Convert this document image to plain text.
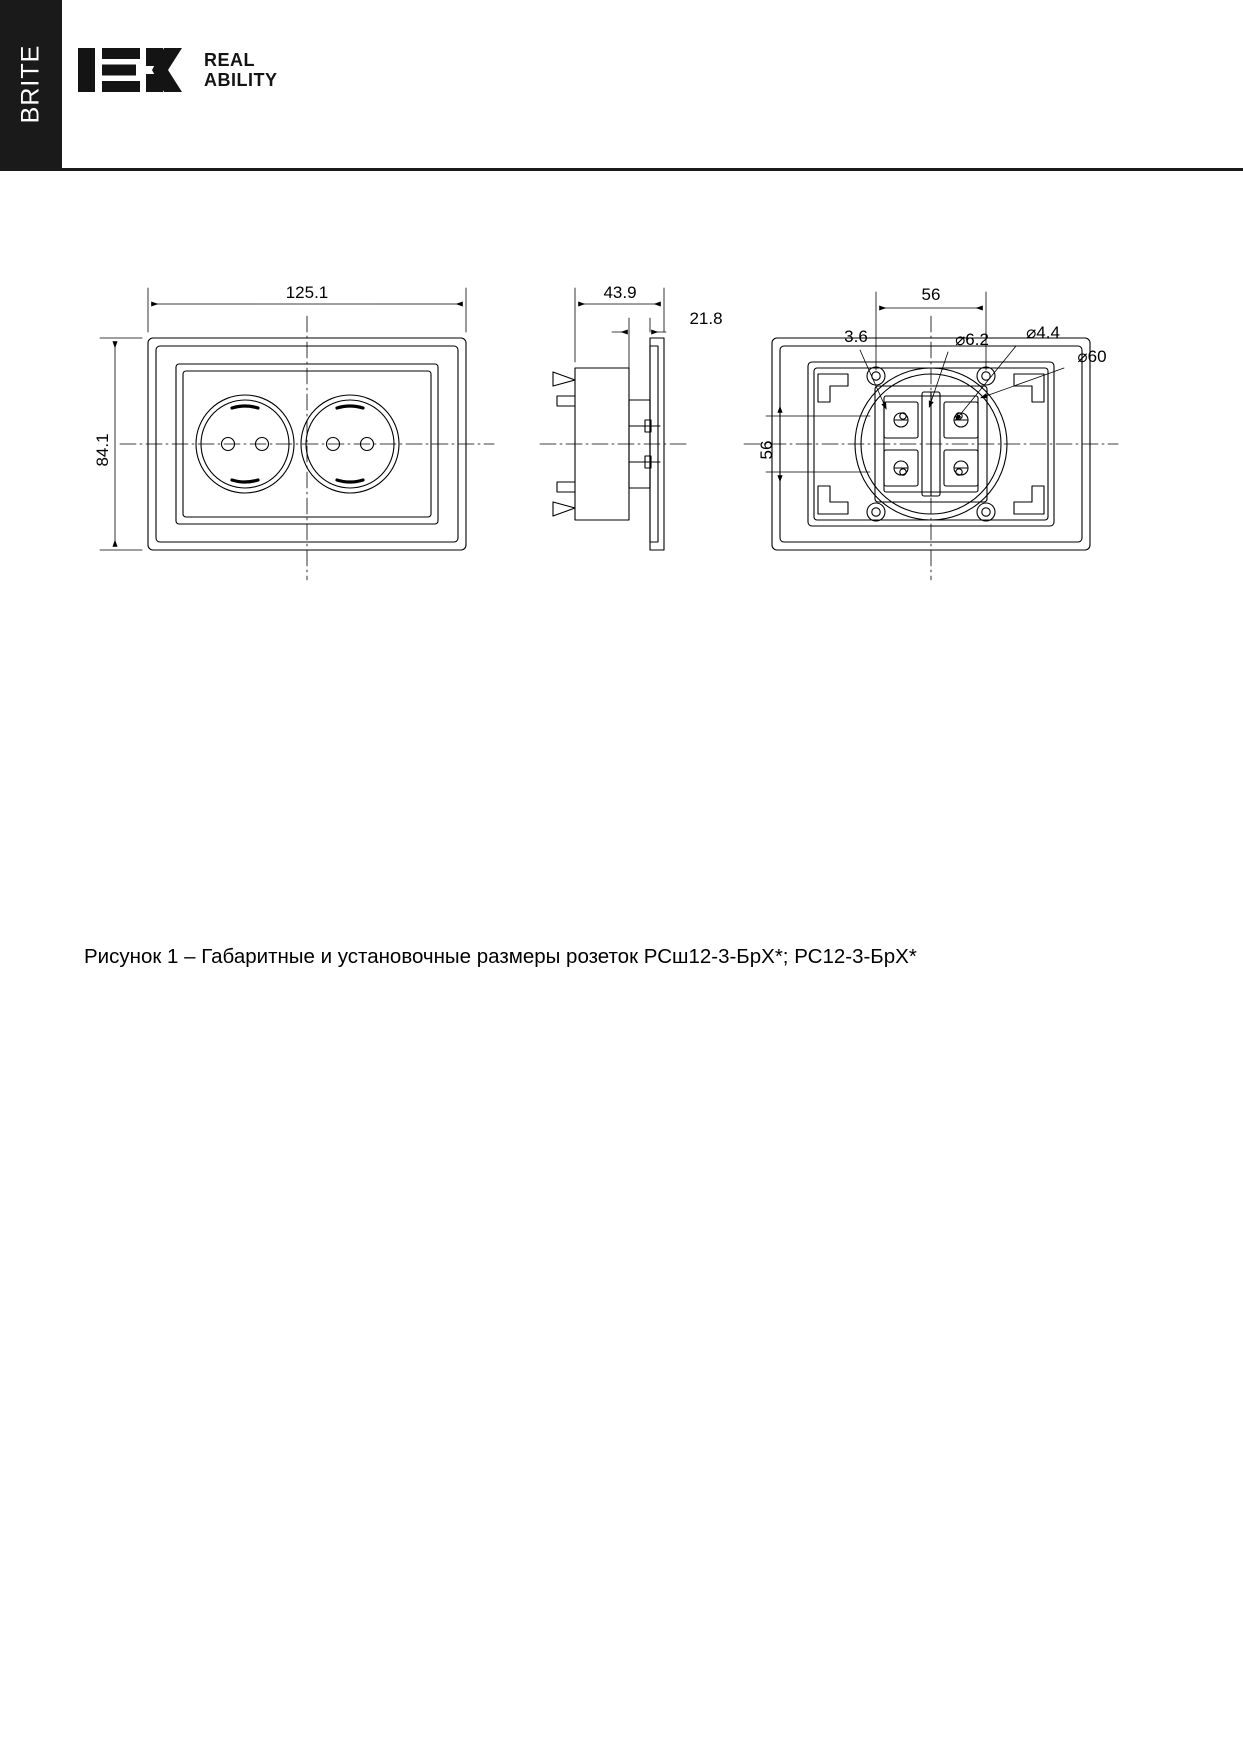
BRITE	REAL
ABILITY
125.1
84.1
43.9
21.8
56
56
3.6	⌀6.2 ⌀4.4
⌀60
Рисунок 1 – Габаритные и установочные размеры розеток РСш12-3-БрХ*; РС12-3-БрХ*
